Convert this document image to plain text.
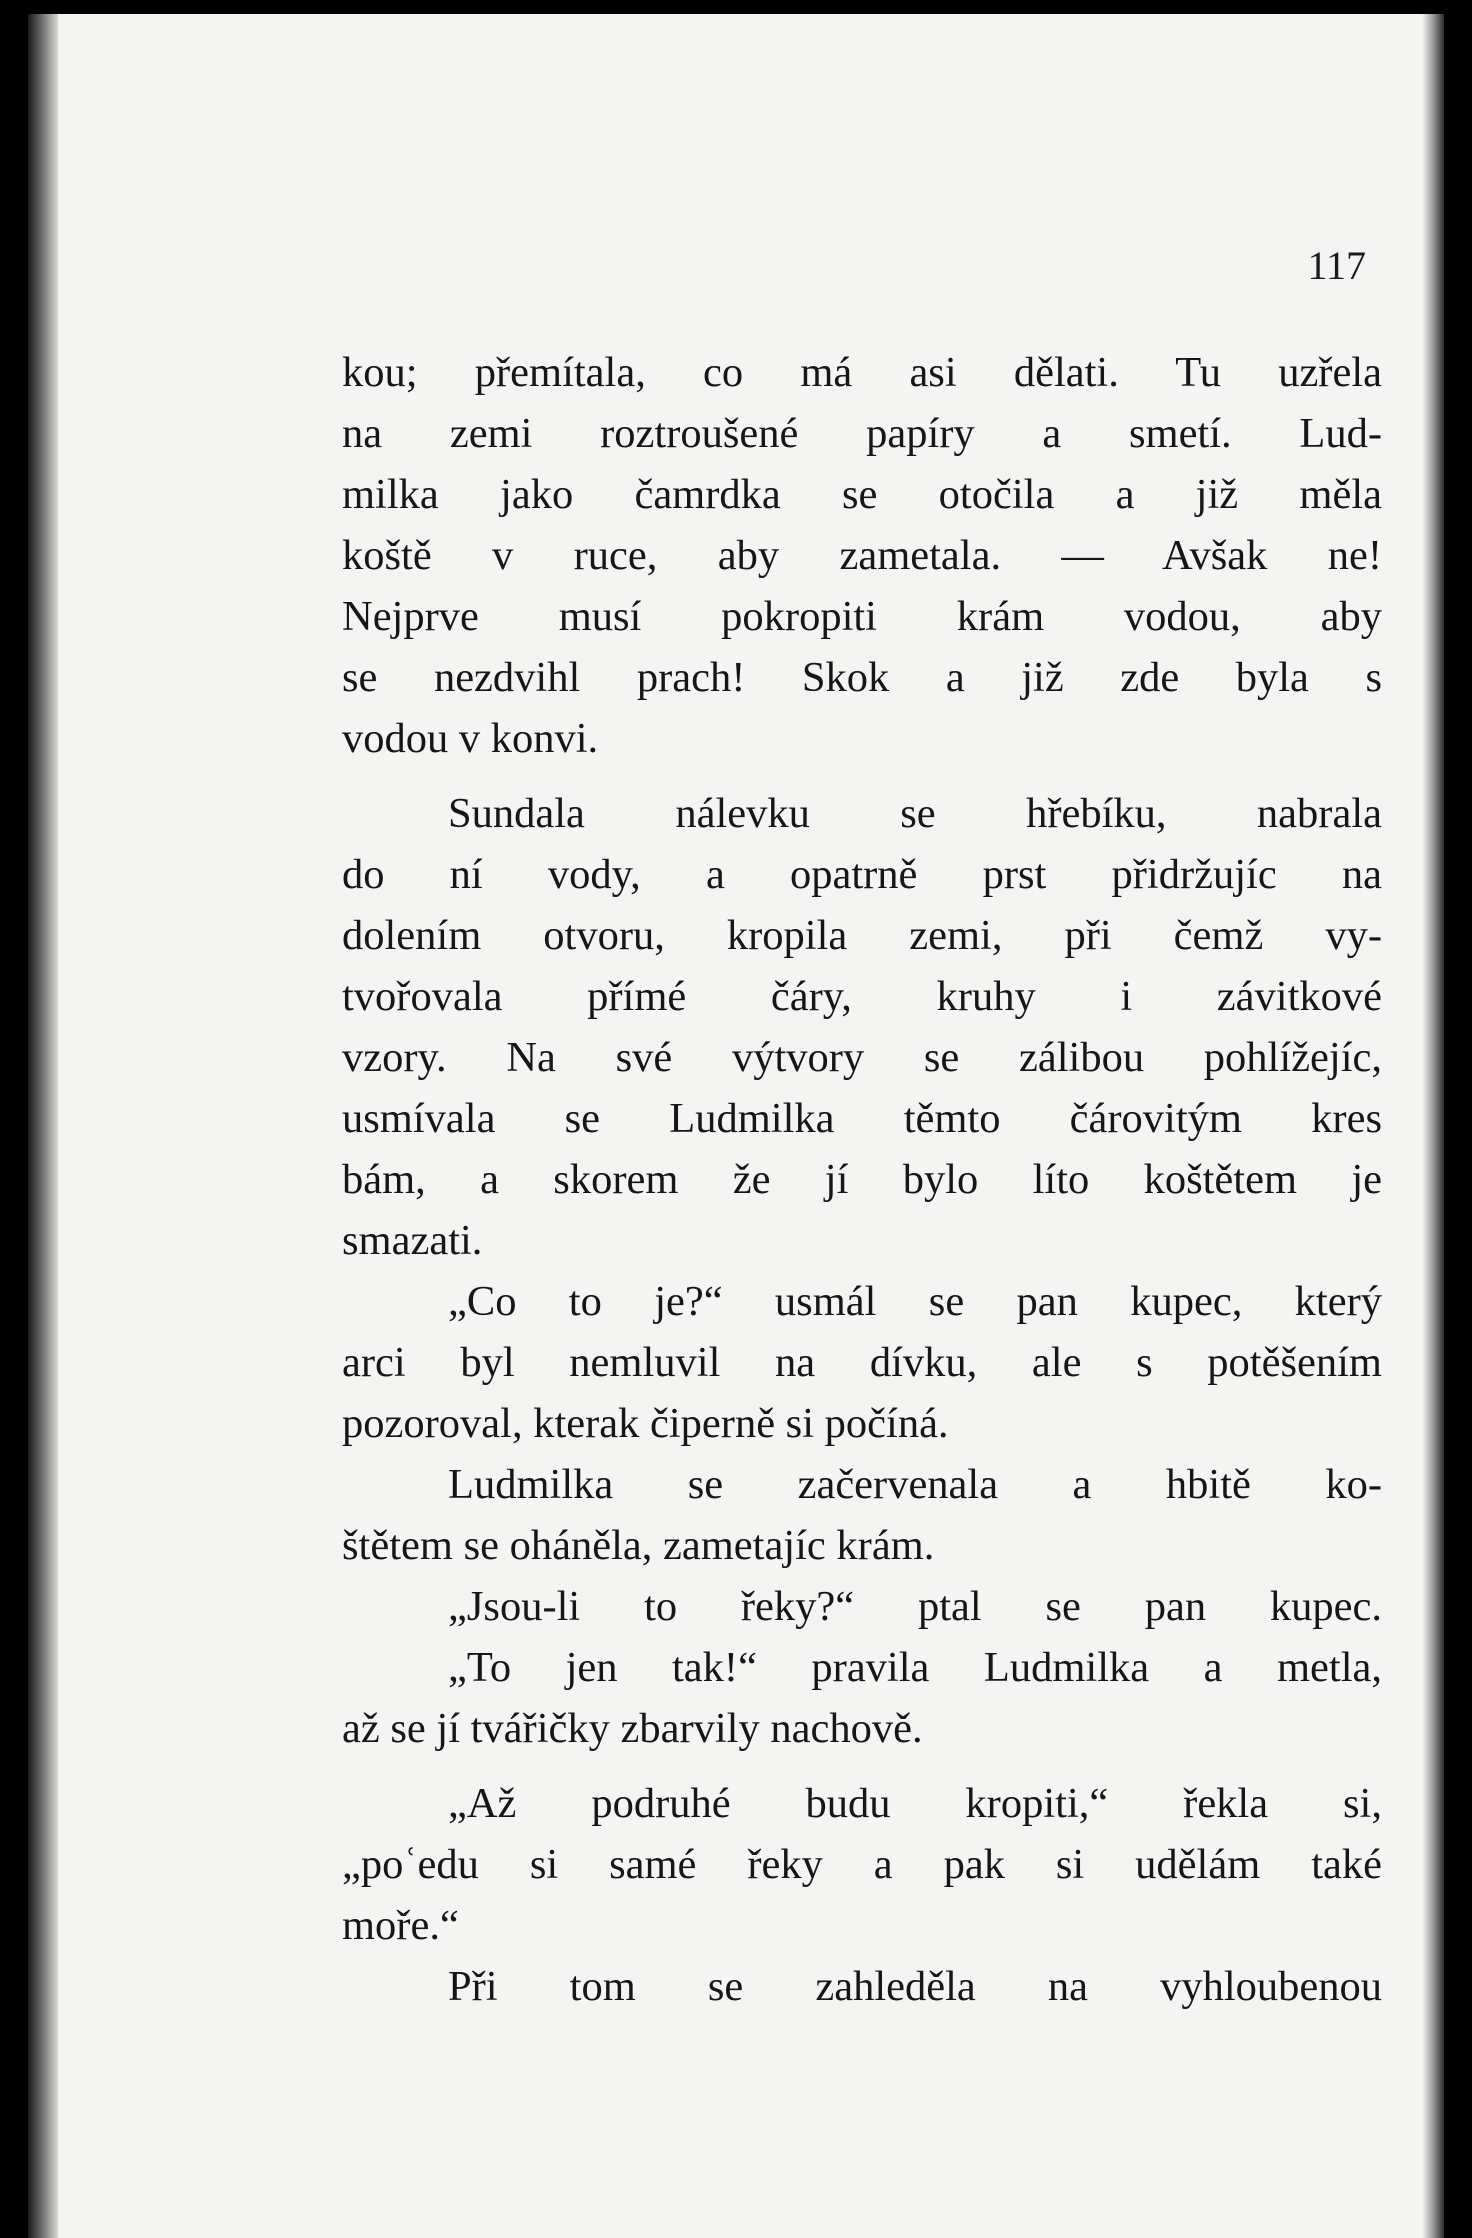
117
kou; přemítala, co má asi dělati. Tu uzřela
na zemi roztroušené papíry a smetí. Lud-
milka jako čamrdka se otočila a již měla
koště v ruce, aby zametala. — Avšak ne!
Nejprve musí pokropiti krám vodou, aby
se nezdvihl prach! Skok a již zde byla s
vodou v konvi.
Sundala nálevku se hřebíku, nabrala
do ní vody, a opatrně prst přidržujíc na
dolením otvoru, kropila zemi, při čemž vy-
tvořovala přímé čáry, kruhy i závitkové
vzory. Na své výtvory se zálibou pohlížejíc,
usmívala se Ludmilka těmto čárovitým kres
bám, a skorem že jí bylo líto koštětem je
smazati.
„Co to je?“ usmál se pan kupec, který
arci byl nemluvil na dívku, ale s potěšením
pozoroval, kterak čiperně si počíná.
Ludmilka se začervenala a hbitě ko-
štětem se oháněla, zametajíc krám.
„Jsou-li to řeky?“ ptal se pan kupec.
„To jen tak!“ pravila Ludmilka a metla,
až se jí tvářičky zbarvily nachově.
„Až podruhé budu kropiti,“ řekla si,
„poʿedu si samé řeky a pak si udělám také
moře.“
Při tom se zahleděla na vyhloubenou
